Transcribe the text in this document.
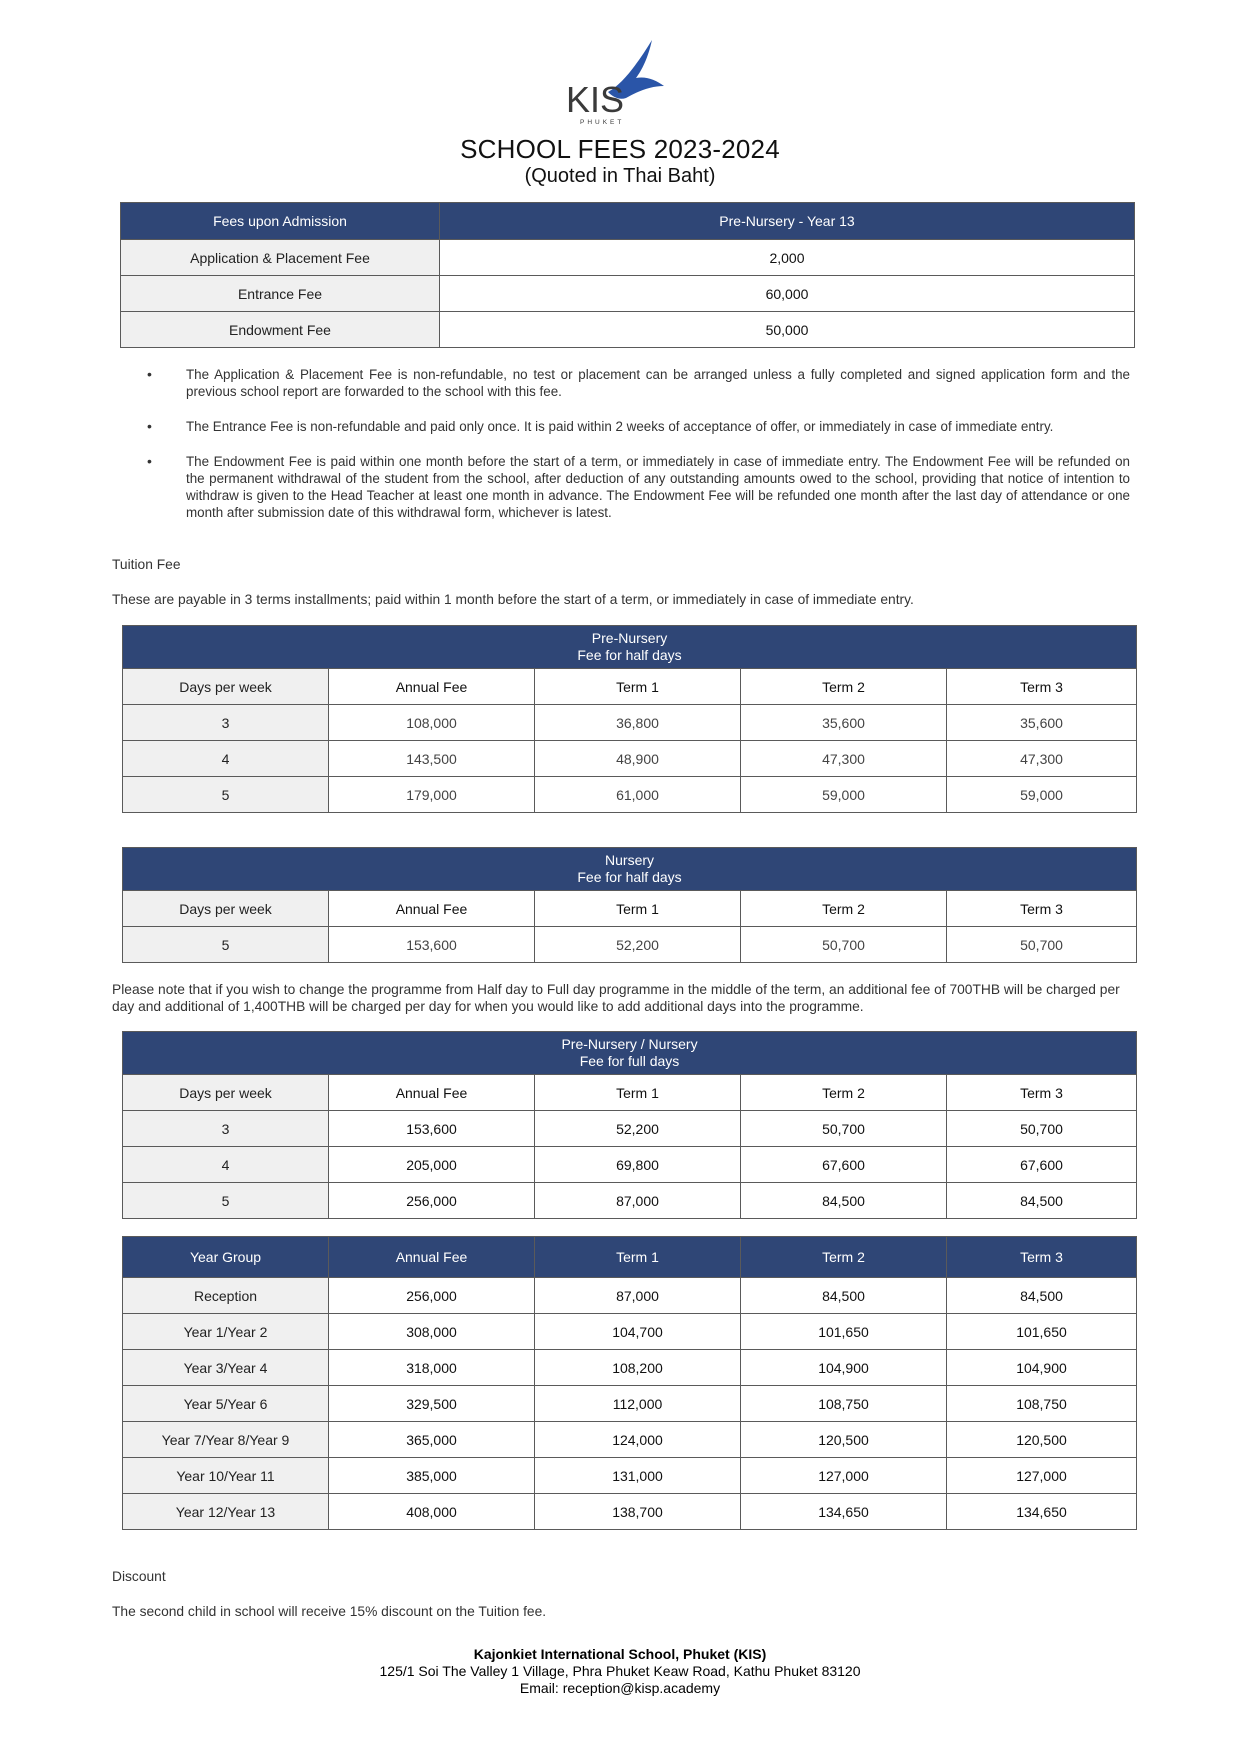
KIS
PHUKET
SCHOOL FEES 2023-2024
(Quoted in Thai Baht)
Fees upon Admission	Pre-Nursery - Year 13
Application & Placement Fee	2,000
Entrance Fee	60,000
Endowment Fee	50,000
• The Application & Placement Fee is non-refundable, no test or placement can be arranged unless a fully completed and signed application form and the previous school report are forwarded to the school with this fee.
• The Entrance Fee is non-refundable and paid only once. It is paid within 2 weeks of acceptance of offer, or immediately in case of immediate entry.
• The Endowment Fee is paid within one month before the start of a term, or immediately in case of immediate entry. The Endowment Fee will be refunded on the permanent withdrawal of the student from the school, after deduction of any outstanding amounts owed to the school, providing that notice of intention to withdraw is given to the Head Teacher at least one month in advance. The Endowment Fee will be refunded one month after the last day of attendance or one month after submission date of this withdrawal form, whichever is latest.
Tuition Fee
These are payable in 3 terms installments; paid within 1 month before the start of a term, or immediately in case of immediate entry.
Pre-Nursery
Fee for half days				

Days per week	Annual Fee	Term 1	Term 2	Term 3
3	108,000	36,800	35,600	35,600
4	143,500	48,900	47,300	47,300
5	179,000	61,000	59,000	59,000
Nursery
Fee for half days				

Days per week	Annual Fee	Term 1	Term 2	Term 3
5	153,600	52,200	50,700	50,700
Please note that if you wish to change the programme from Half day to Full day programme in the middle of the term, an additional fee of 700THB will be charged per day and additional of 1,400THB will be charged per day for when you would like to add additional days into the programme.
Pre-Nursery / Nursery
Fee for full days				

Days per week	Annual Fee	Term 1	Term 2	Term 3
3	153,600	52,200	50,700	50,700
4	205,000	69,800	67,600	67,600
5	256,000	87,000	84,500	84,500
Year Group	Annual Fee	Term 1	Term 2	Term 3
Reception	256,000	87,000	84,500	84,500
Year 1/Year 2	308,000	104,700	101,650	101,650
Year 3/Year 4	318,000	108,200	104,900	104,900
Year 5/Year 6	329,500	112,000	108,750	108,750
Year 7/Year 8/Year 9	365,000	124,000	120,500	120,500
Year 10/Year 11	385,000	131,000	127,000	127,000
Year 12/Year 13	408,000	138,700	134,650	134,650
Discount
The second child in school will receive 15% discount on the Tuition fee.
Kajonkiet International School, Phuket (KIS)
125/1 Soi The Valley 1 Village, Phra Phuket Keaw Road, Kathu Phuket 83120
Email: reception@kisp.academy
